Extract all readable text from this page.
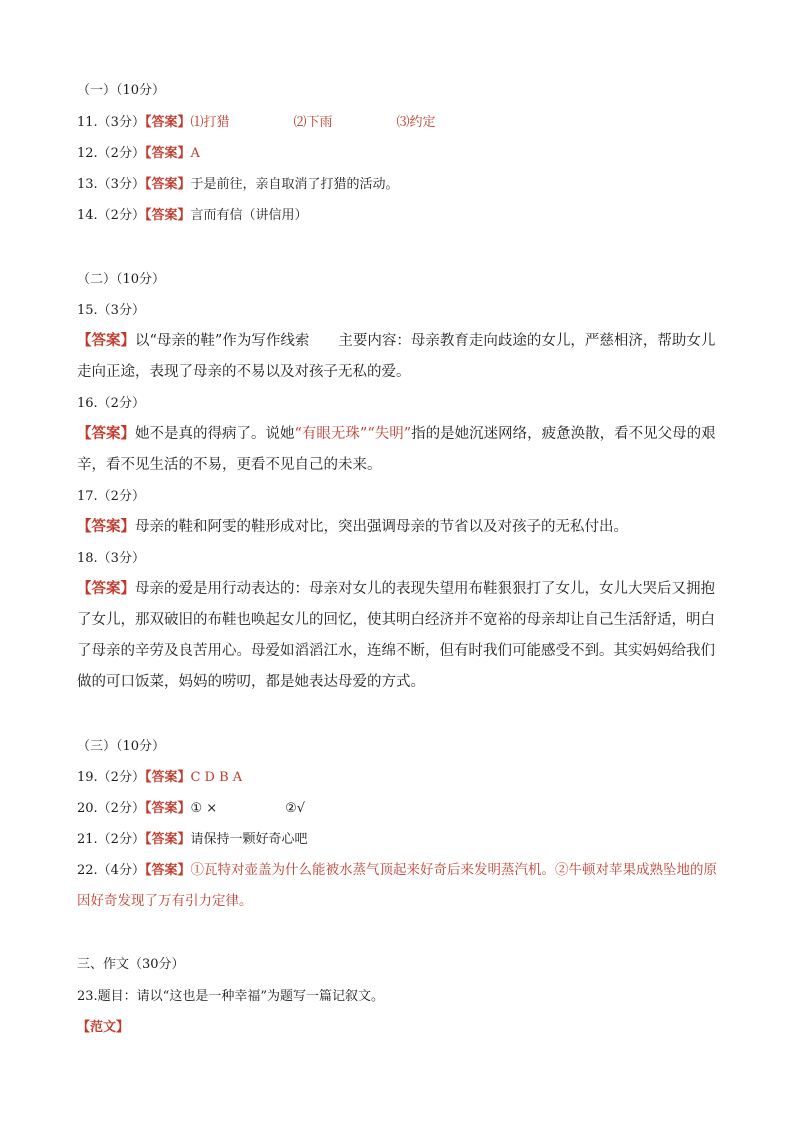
（一）（10分）
11.（3分）【答案】⑴打猎	⑵下雨	⑶约定
12.（2分）【答案】A
13.（3分）【答案】于是前往，亲自取消了打猎的活动。
14.（2分）【答案】言而有信（讲信用）
（二）（10分）
15.（3分）
【答案】以“母亲的鞋”作为写作线索　　主要内容：母亲教育走向歧途的女儿，严慈相济，帮助女儿走向正途，表现了母亲的不易以及对孩子无私的爱。
16.（2分）
【答案】她不是真的得病了。说她“有眼无珠”“失明”指的是她沉迷网络，疲惫涣散，看不见父母的艰辛，看不见生活的不易，更看不见自己的未来。
17.（2分）
【答案】母亲的鞋和阿雯的鞋形成对比，突出强调母亲的节省以及对孩子的无私付出。
18.（3分）
【答案】母亲的爱是用行动表达的：母亲对女儿的表现失望用布鞋狠狠打了女儿，女儿大哭后又拥抱了女儿，那双破旧的布鞋也唤起女儿的回忆，使其明白经济并不宽裕的母亲却让自己生活舒适，明白了母亲的辛劳及良苦用心。母爱如滔滔江水，连绵不断，但有时我们可能感受不到。其实妈妈给我们做的可口饭菜，妈妈的唠叨，都是她表达母爱的方式。
（三）（10分）
19.（2分）【答案】C D B A
20.（2分）【答案】① ×	②√
21.（2分）【答案】请保持一颗好奇心吧
22.（4分）【答案】①瓦特对壶盖为什么能被水蒸气顶起来好奇后来发明蒸汽机。②牛顿对苹果成熟坠地的原因好奇发现了万有引力定律。
三、作文（30分）
23.题目：请以“这也是一种幸福”为题写一篇记叙文。
【范文】
